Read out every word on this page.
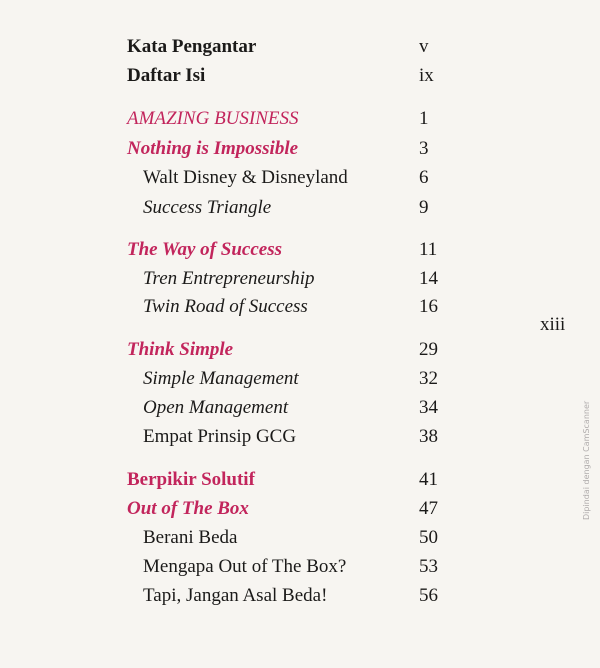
Kata Pengantar	v
Daftar Isi	ix
AMAZING BUSINESS	1
Nothing is Impossible	3
Walt Disney & Disneyland	6
Success Triangle	9
The Way of Success	11
Tren Entrepreneurship	14
Twin Road of Success	16
Think Simple	29
Simple Management	32
Open Management	34
Empat Prinsip GCG	38
Berpikir Solutif	41
Out of The Box	47
Berani Beda	50
Mengapa Out of The Box?	53
Tapi, Jangan Asal Beda!	56
xiii
Dipindai dengan CamScanner
